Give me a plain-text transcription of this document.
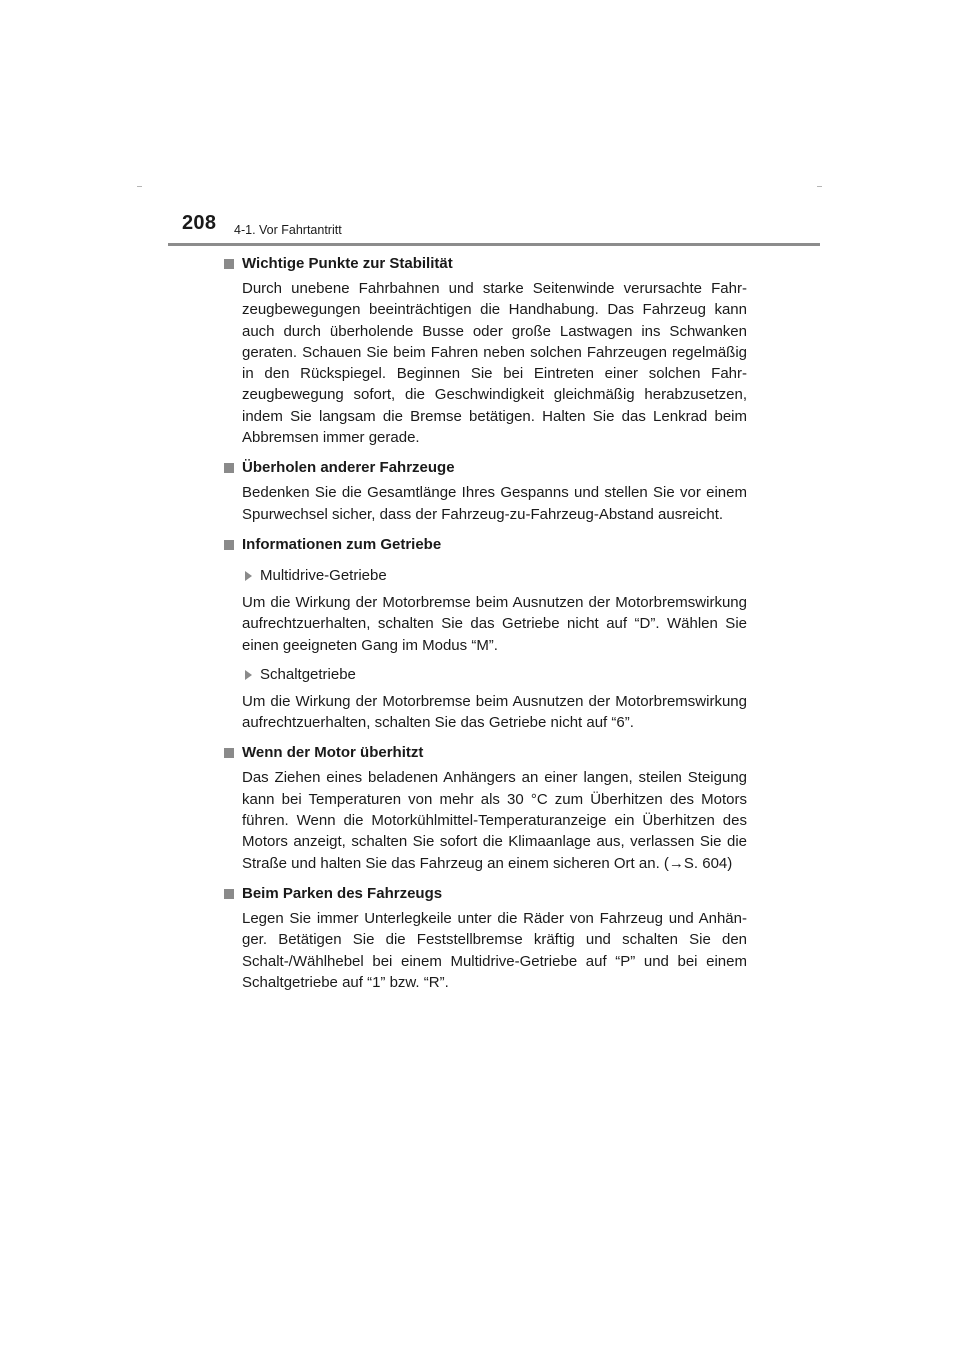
208 4-1. Vor Fahrtantritt
Wichtige Punkte zur Stabilität

Durch unebene Fahrbahnen und starke Seitenwinde verursachte Fahrzeugbewegungen beeinträchtigen die Handhabung. Das Fahrzeug kann auch durch überholende Busse oder große Lastwagen ins Schwanken geraten. Schauen Sie beim Fahren neben solchen Fahrzeugen regelmäßig in den Rückspiegel. Beginnen Sie bei Eintreten einer solchen Fahrzeugbewegung sofort, die Geschwindigkeit gleichmäßig herabzusetzen, indem Sie langsam die Bremse betätigen. Halten Sie das Lenkrad beim Abbremsen immer gerade.

Überholen anderer Fahrzeuge

Bedenken Sie die Gesamtlänge Ihres Gespanns und stellen Sie vor einem Spurwechsel sicher, dass der Fahrzeug-zu-Fahrzeug-Abstand ausreicht.

Informationen zum Getriebe
Multidrive-Getriebe

Um die Wirkung der Motorbremse beim Ausnutzen der Motorbremswirkung aufrechtzuerhalten, schalten Sie das Getriebe nicht auf “D”. Wählen Sie einen geeigneten Gang im Modus “M”.

Schaltgetriebe

Um die Wirkung der Motorbremse beim Ausnutzen der Motorbremswirkung aufrechtzuerhalten, schalten Sie das Getriebe nicht auf “6”.

Wenn der Motor überhitzt

Das Ziehen eines beladenen Anhängers an einer langen, steilen Steigung kann bei Temperaturen von mehr als 30 °C zum Überhitzen des Motors führen. Wenn die Motorkühlmittel-Temperaturanzeige ein Überhitzen des Motors anzeigt, schalten Sie sofort die Klimaanlage aus, verlassen Sie die Straße und halten Sie das Fahrzeug an einem sicheren Ort an. (→S. 604)

Beim Parken des Fahrzeugs

Legen Sie immer Unterlegkeile unter die Räder von Fahrzeug und Anhänger. Betätigen Sie die Feststellbremse kräftig und schalten Sie den Schalt-/Wählhebel bei einem Multidrive-Getriebe auf “P” und bei einem Schaltgetriebe auf “1” bzw. “R”.
